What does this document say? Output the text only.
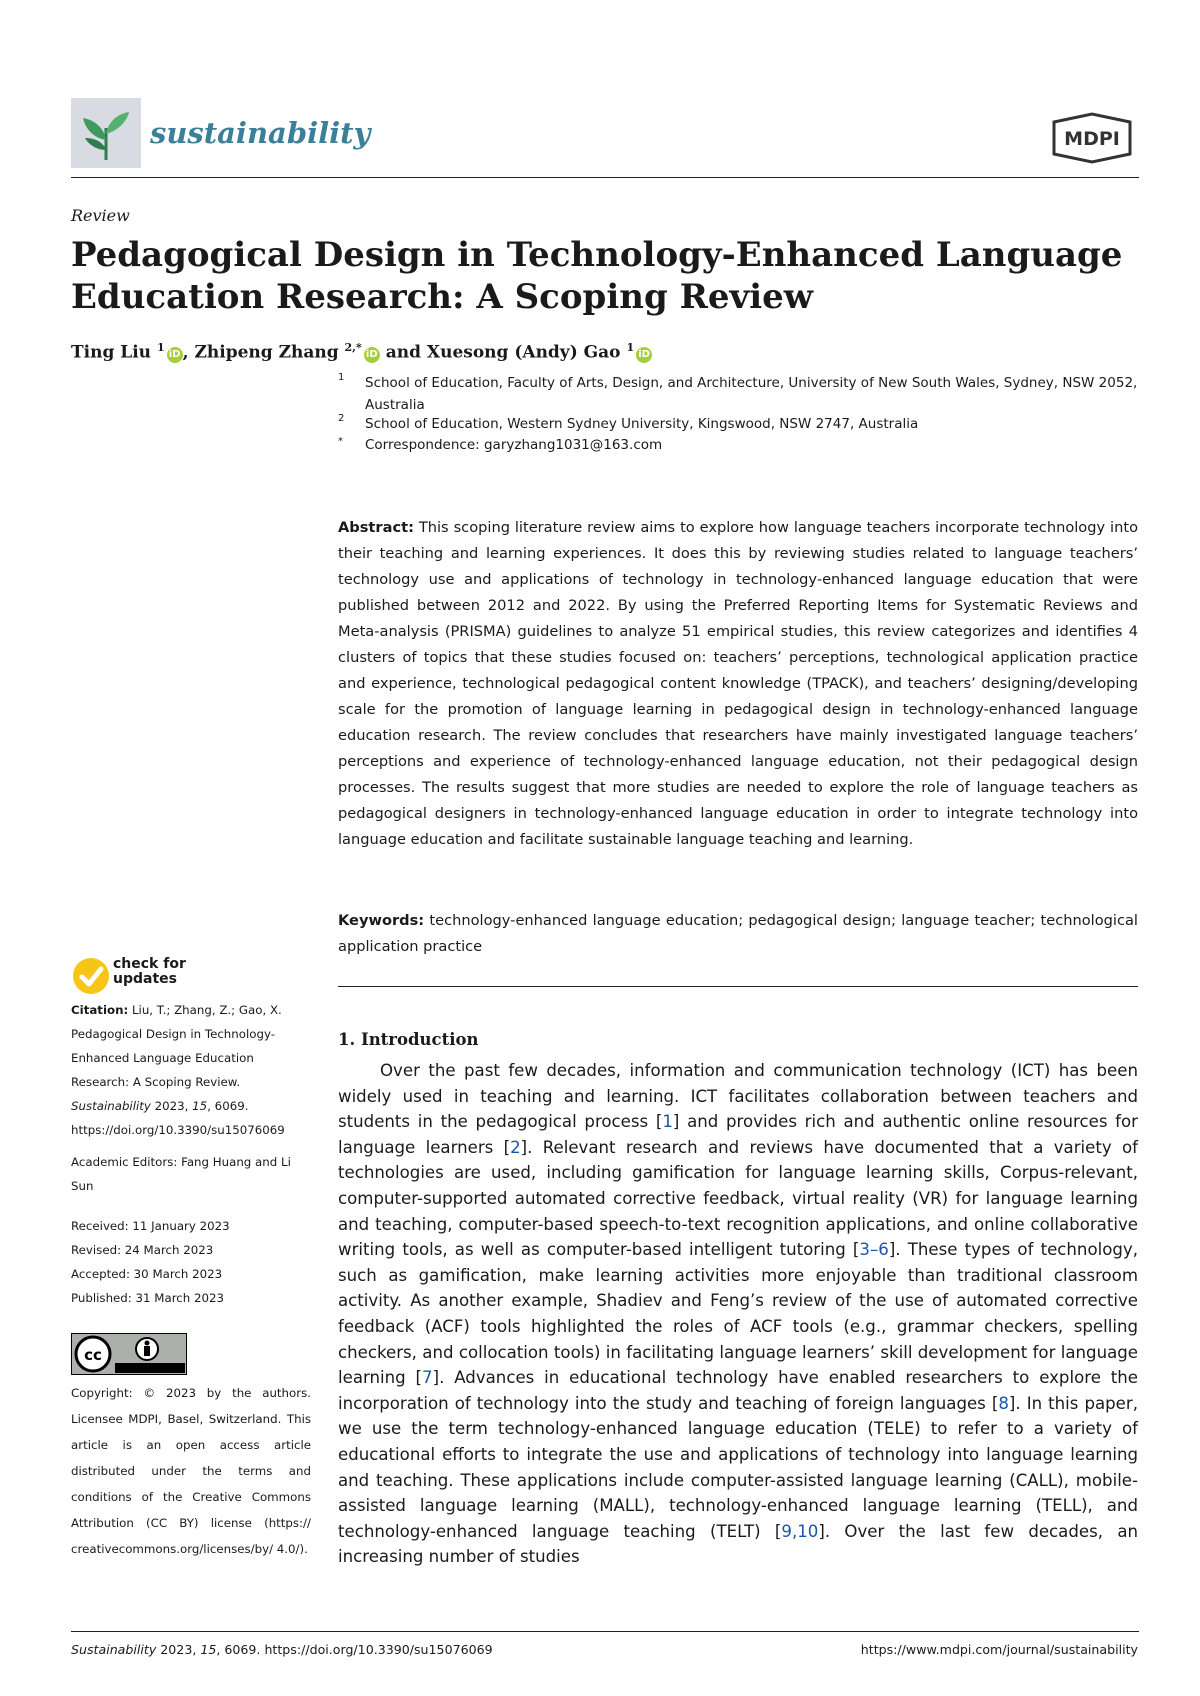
sustainability	MDPI
Review
Pedagogical Design in Technology-Enhanced Language Education Research: A Scoping Review
Ting Liu $^1$iD , Zhipeng Zhang $^{2,*}$iD and Xuesong (Andy) Gao $^1$iD
1 School of Education, Faculty of Arts, Design, and Architecture, University of New South Wales, Sydney, NSW 2052, Australia
2 School of Education, Western Sydney University, Kingswood, NSW 2747, Australia
* Correspondence: garyzhang1031@163.com
Abstract: This scoping literature review aims to explore how language teachers incorporate technology into their teaching and learning experiences. It does this by reviewing studies related to language teachers’ technology use and applications of technology in technology-enhanced language education that were published between 2012 and 2022. By using the Preferred Reporting Items for Systematic Reviews and Meta-analysis (PRISMA) guidelines to analyze 51 empirical studies, this review categorizes and identifies 4 clusters of topics that these studies focused on: teachers’ perceptions, technological application practice and experience, technological pedagogical content knowledge (TPACK), and teachers’ designing/developing scale for the promotion of language learning in pedagogical design in technology-enhanced language education research. The review concludes that researchers have mainly investigated language teachers’ perceptions and experience of technology-enhanced language education, not their pedagogical design processes. The results suggest that more studies are needed to explore the role of language teachers as pedagogical designers in technology-enhanced language education in order to integrate technology into language education and facilitate sustainable language teaching and learning.
Keywords: technology-enhanced language education; pedagogical design; language teacher; technological application practice
check for
updates
Citation: Liu, T.; Zhang, Z.; Gao, X. Pedagogical Design in Technology-Enhanced Language Education Research: A Scoping Review. Sustainability 2023, 15, 6069. https://doi.org/10.3390/su15076069
Academic Editors: Fang Huang and Li Sun
Received: 11 January 2023
Revised: 24 March 2023
Accepted: 30 March 2023
Published: 31 March 2023
cc
Copyright: © 2023 by the authors. Licensee MDPI, Basel, Switzerland. This article is an open access article distributed under the terms and conditions of the Creative Commons Attribution (CC BY) license (https:// creativecommons.org/licenses/by/ 4.0/).
1. Introduction
Over the past few decades, information and communication technology (ICT) has been widely used in teaching and learning. ICT facilitates collaboration between teachers and students in the pedagogical process [1] and provides rich and authentic online resources for language learners [2]. Relevant research and reviews have documented that a variety of technologies are used, including gamification for language learning skills, Corpus-relevant, computer-supported automated corrective feedback, virtual reality (VR) for language learning and teaching, computer-based speech-to-text recognition applications, and online collaborative writing tools, as well as computer-based intelligent tutoring [3–6]. These types of technology, such as gamification, make learning activities more enjoyable than traditional classroom activity. As another example, Shadiev and Feng’s review of the use of automated corrective feedback (ACF) tools highlighted the roles of ACF tools (e.g., grammar checkers, spelling checkers, and collocation tools) in facilitating language learners’ skill development for language learning [7]. Advances in educational technology have enabled researchers to explore the incorporation of technology into the study and teaching of foreign languages [8]. In this paper, we use the term technology-enhanced language education (TELE) to refer to a variety of educational efforts to integrate the use and applications of technology into language learning and teaching. These applications include computer-assisted language learning (CALL), mobile-assisted language learning (MALL), technology-enhanced language learning (TELL), and technology-enhanced language teaching (TELT) [9,10]. Over the last few decades, an increasing number of studies
Sustainability 2023, 15, 6069. https://doi.org/10.3390/su15076069	https://www.mdpi.com/journal/sustainability
